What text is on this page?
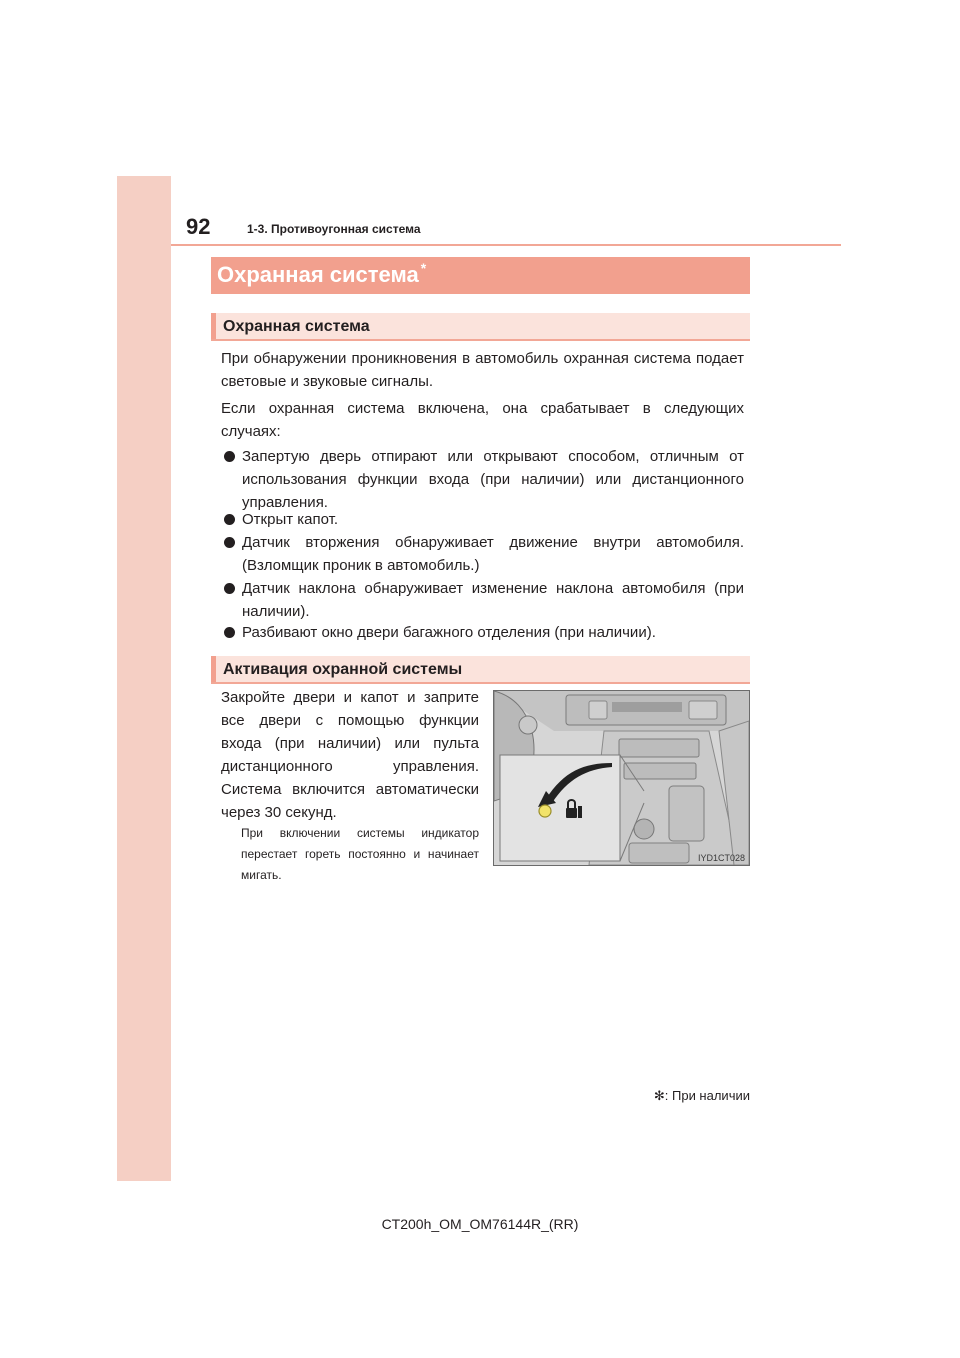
92	1-3. Противоугонная система
Охранная система *
Охранная система
При обнаружении проникновения в автомобиль охранная система подает световые и звуковые сигналы.
Если охранная система включена, она срабатывает в следующих случаях:
Запертую дверь отпирают или открывают способом, отличным от использования функции входа (при наличии) или дистанционного управления.
Открыт капот.
Датчик вторжения обнаруживает движение внутри автомобиля. (Взломщик проник в автомобиль.)
Датчик наклона обнаруживает изменение наклона автомобиля (при наличии).
Разбивают окно двери багажного отделения (при наличии).
Активация охранной системы
Закройте двери и капот и заприте все двери с помощью функции входа (при наличии) или пульта дистанционного управления. Система включится автоматически через 30 секунд.
При включении системы индикатор перестает гореть постоянно и начинает мигать.
IYD1CT028
✻: При наличии
CT200h_OM_OM76144R_(RR)
